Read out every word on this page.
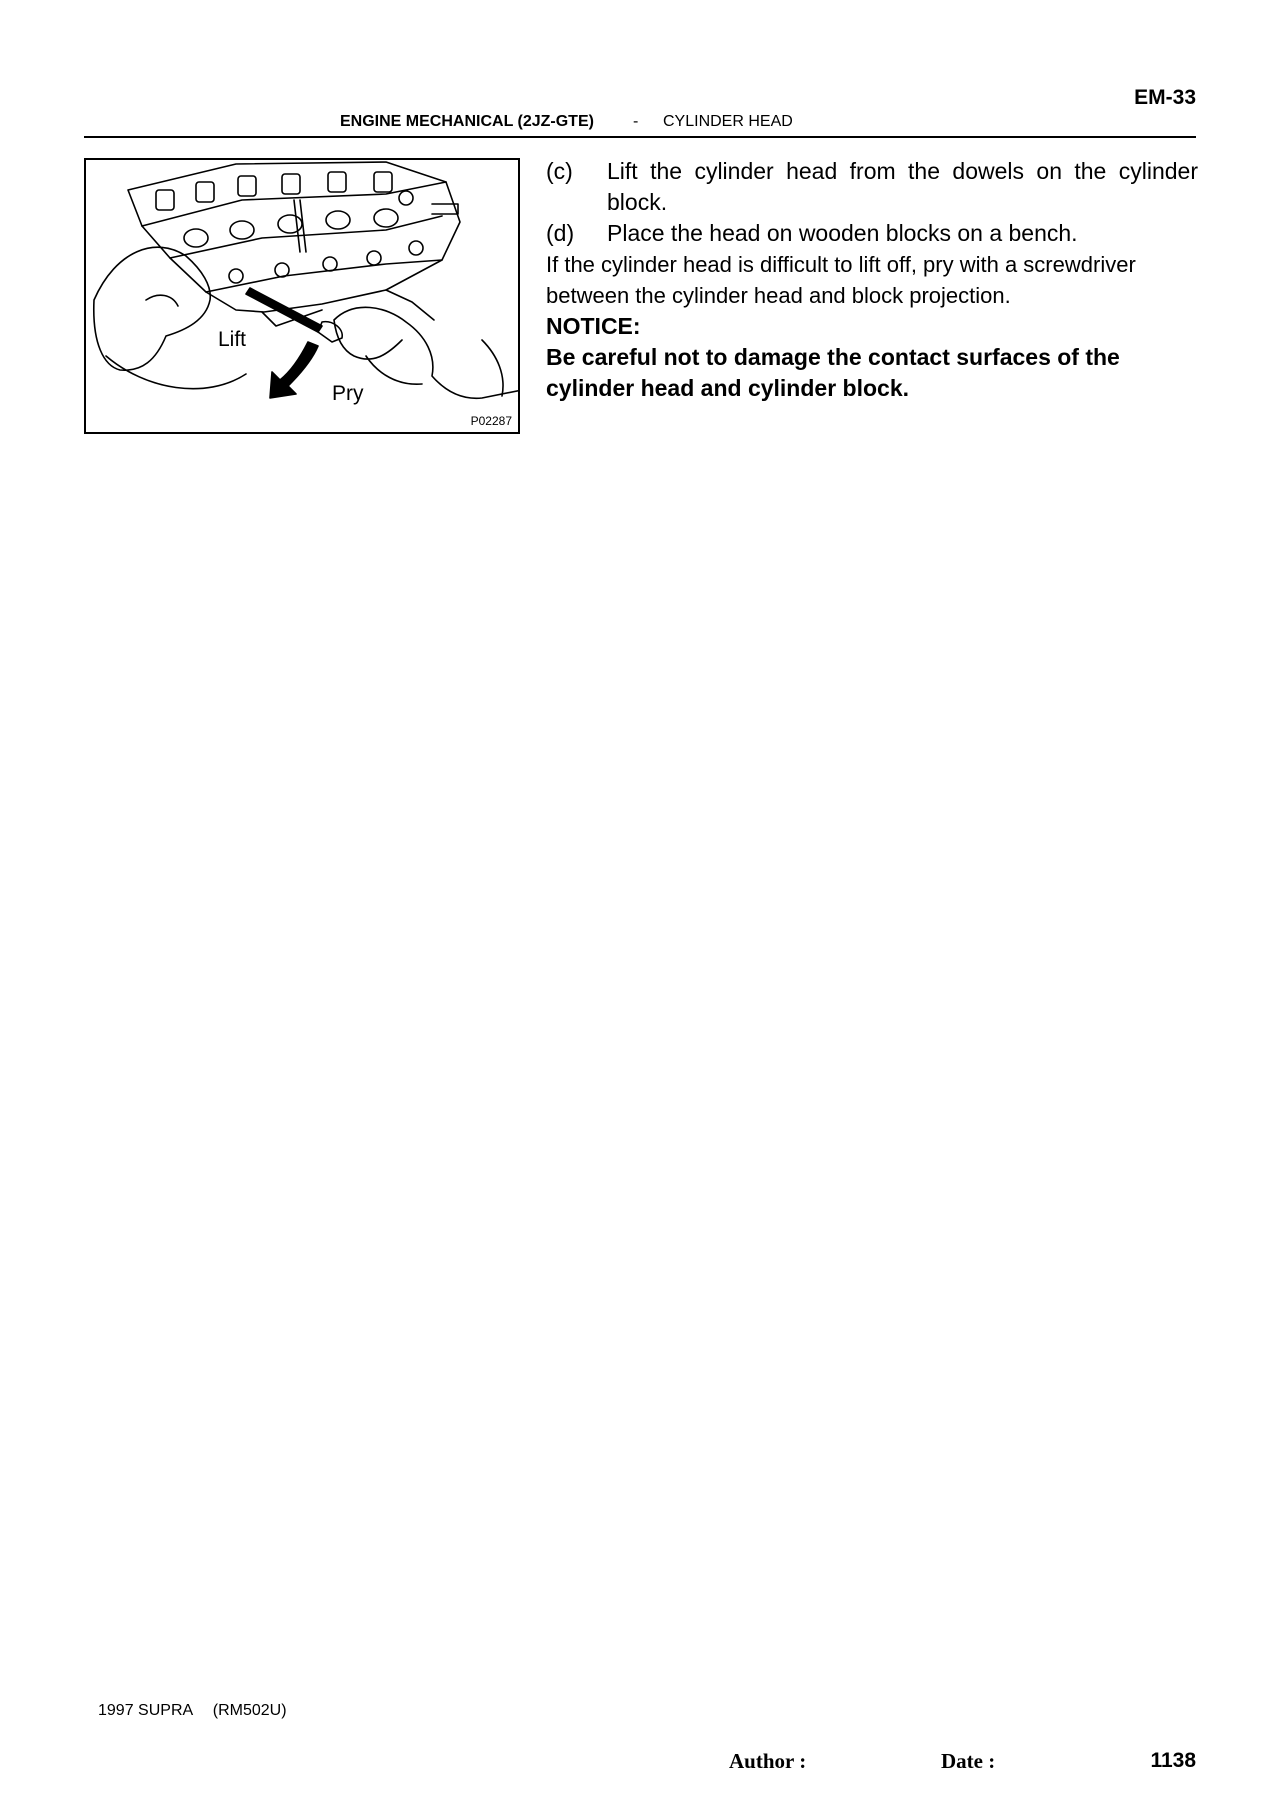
EM-33
ENGINE MECHANICAL (2JZ-GTE) - CYLINDER HEAD
Lift
Pry
P02287
(c) Lift the cylinder head from the dowels on the cylinder block.
(d) Place the head on wooden blocks on a bench.
If the cylinder head is difficult to lift off, pry with a screwdriver between the cylinder head and block projection.
NOTICE:
Be careful not to damage the contact surfaces of the cylinder head and cylinder block.
1997 SUPRA (RM502U)
Author :	Date :	1138
